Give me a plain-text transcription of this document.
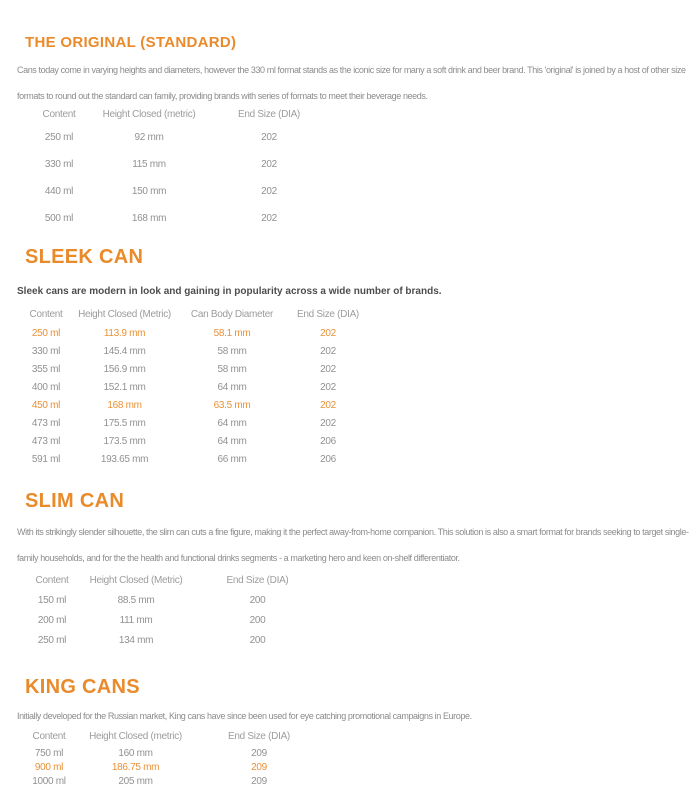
THE ORIGINAL (STANDARD)

Cans today come in varying heights and diameters, however the 330 ml format stands as the iconic size for many a soft drink and beer brand. This 'original' is joined by a host of other size formats to round out the standard can family, providing brands with series of formats to meet their beverage needs.

Content	Height Closed (metric)	End Size (DIA)
250 ml	92 mm	202
330 ml	115 mm	202
440 ml	150 mm	202
500 ml	168 mm	202
SLEEK CAN

Sleek cans are modern in look and gaining in popularity across a wide number of brands.

Content	Height Closed (Metric)	Can Body Diameter	End Size (DIA)
250 ml	113.9 mm	58.1 mm	202
330 ml	145.4 mm	58 mm	202
355 ml	156.9 mm	58 mm	202
400 ml	152.1 mm	64 mm	202
450 ml	168 mm	63.5 mm	202
473 ml	175.5 mm	64 mm	202
473 ml	173.5 mm	64 mm	206
591 ml	193.65 mm	66 mm	206
SLIM CAN

With its strikingly slender silhouette, the slim can cuts a fine figure, making it the perfect away-from-home companion. This solution is also a smart format for brands seeking to target single-family households, and for the the health and functional drinks segments - a marketing hero and keen on-shelf differentiator.

Content	Height Closed (Metric)	End Size (DIA)
150 ml	88.5 mm	200
200 ml	111 mm	200
250 ml	134 mm	200
KING CANS

Initially developed for the Russian market, King cans have since been used for eye catching promotional campaigns in Europe.

Content	Height Closed (metric)	End Size (DIA)
750 ml	160 mm	209
900 ml	186.75 mm	209
1000 ml	205 mm	209
